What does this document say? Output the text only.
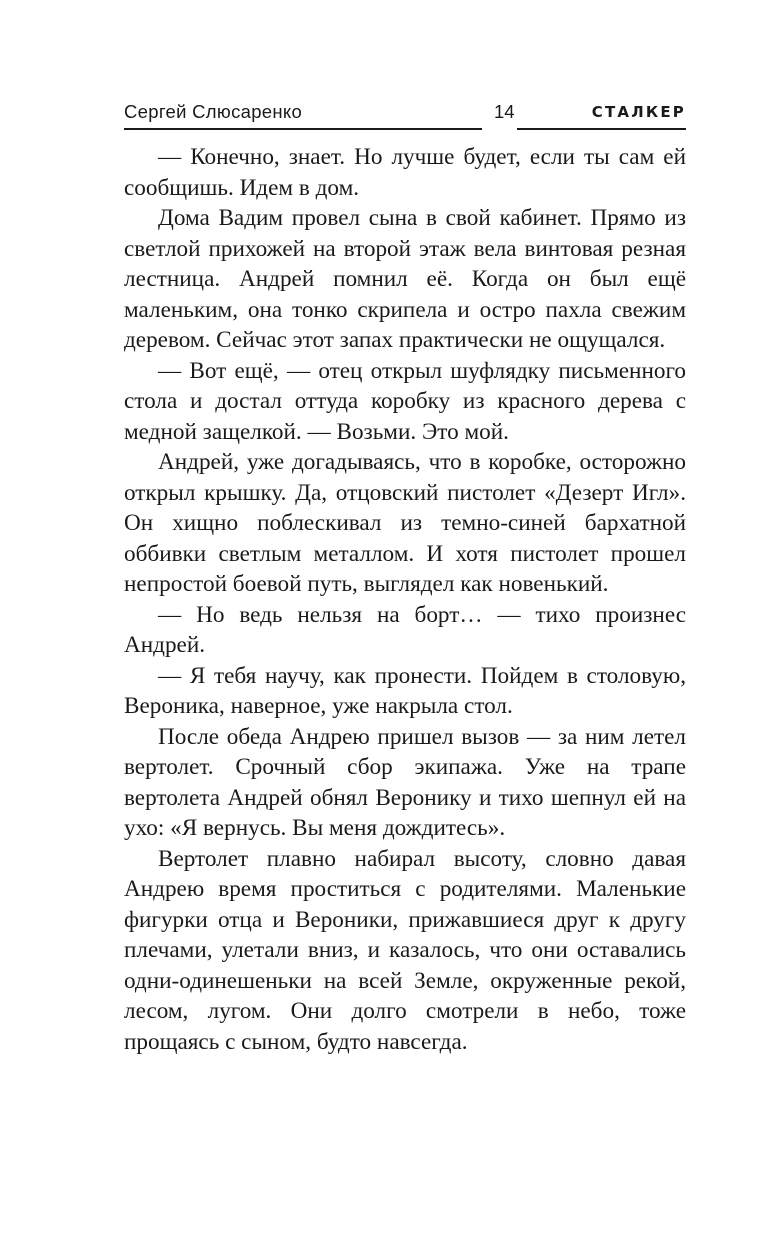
Сергей Слюсаренко	14	СТАЛКЕР

— Конечно, знает. Но лучше будет, если ты сам ей сообщишь. Идем в дом.

Дома Вадим провел сына в свой кабинет. Прямо из светлой прихожей на второй этаж вела винтовая резная лестница. Андрей помнил её. Когда он был ещё маленьким, она тонко скрипела и остро пахла свежим деревом. Сейчас этот запах практически не ощущался.

— Вот ещё, — отец открыл шуфлядку письменного стола и достал оттуда коробку из красного дерева с медной защелкой. — Возьми. Это мой.

Андрей, уже догадываясь, что в коробке, осторожно открыл крышку. Да, отцовский пистолет «Дезерт Игл». Он хищно поблескивал из темно-синей бархатной оббивки светлым металлом. И хотя пистолет прошел непростой боевой путь, выглядел как новенький.

— Но ведь нельзя на борт… — тихо произнес Андрей.

— Я тебя научу, как пронести. Пойдем в столовую, Вероника, наверное, уже накрыла стол.

После обеда Андрею пришел вызов — за ним летел вертолет. Срочный сбор экипажа. Уже на трапе вертолета Андрей обнял Веронику и тихо шепнул ей на ухо: «Я вернусь. Вы меня дождитесь».

Вертолет плавно набирал высоту, словно давая Андрею время проститься с родителями. Маленькие фигурки отца и Вероники, прижавшиеся друг к другу плечами, улетали вниз, и казалось, что они оставались одни-одинешеньки на всей Земле, окруженные рекой, лесом, лугом. Они долго смотрели в небо, тоже прощаясь с сыном, будто навсегда.
